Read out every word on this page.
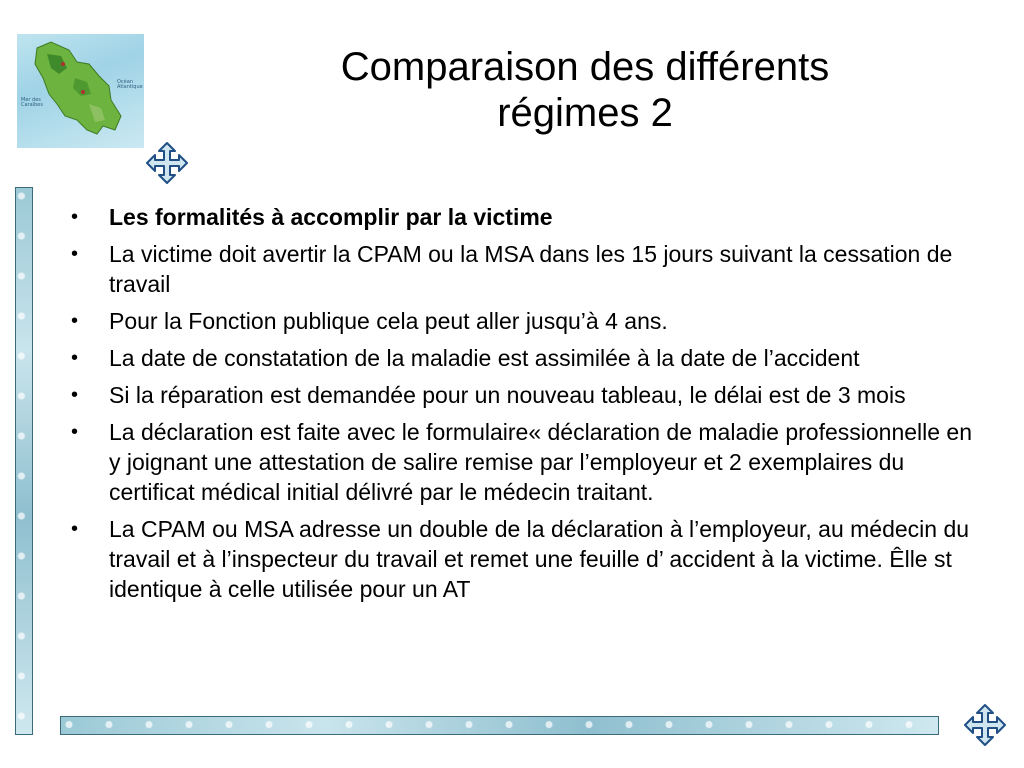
Mer des Caraïbes
Océan Atlantique	Comparaison des différents
régimes 2
• Les formalités à accomplir par la victime
• La victime doit avertir la CPAM ou la MSA dans les 15 jours suivant la cessation de travail
• Pour la Fonction publique cela peut aller jusqu’à 4 ans.
• La date de constatation de la maladie est assimilée à la date de l’accident
• Si la réparation est demandée pour un nouveau tableau, le délai est de 3 mois
• La déclaration est faite avec le formulaire« déclaration de maladie professionnelle en y joignant une attestation de salire remise par l’employeur et 2 exemplaires du certificat médical initial délivré par le médecin traitant.
• La CPAM ou MSA adresse un double de la déclaration à l’employeur, au médecin du travail et à l’inspecteur du travail et remet une feuille d’ accident à la victime. Êlle st identique à celle utilisée pour un AT
